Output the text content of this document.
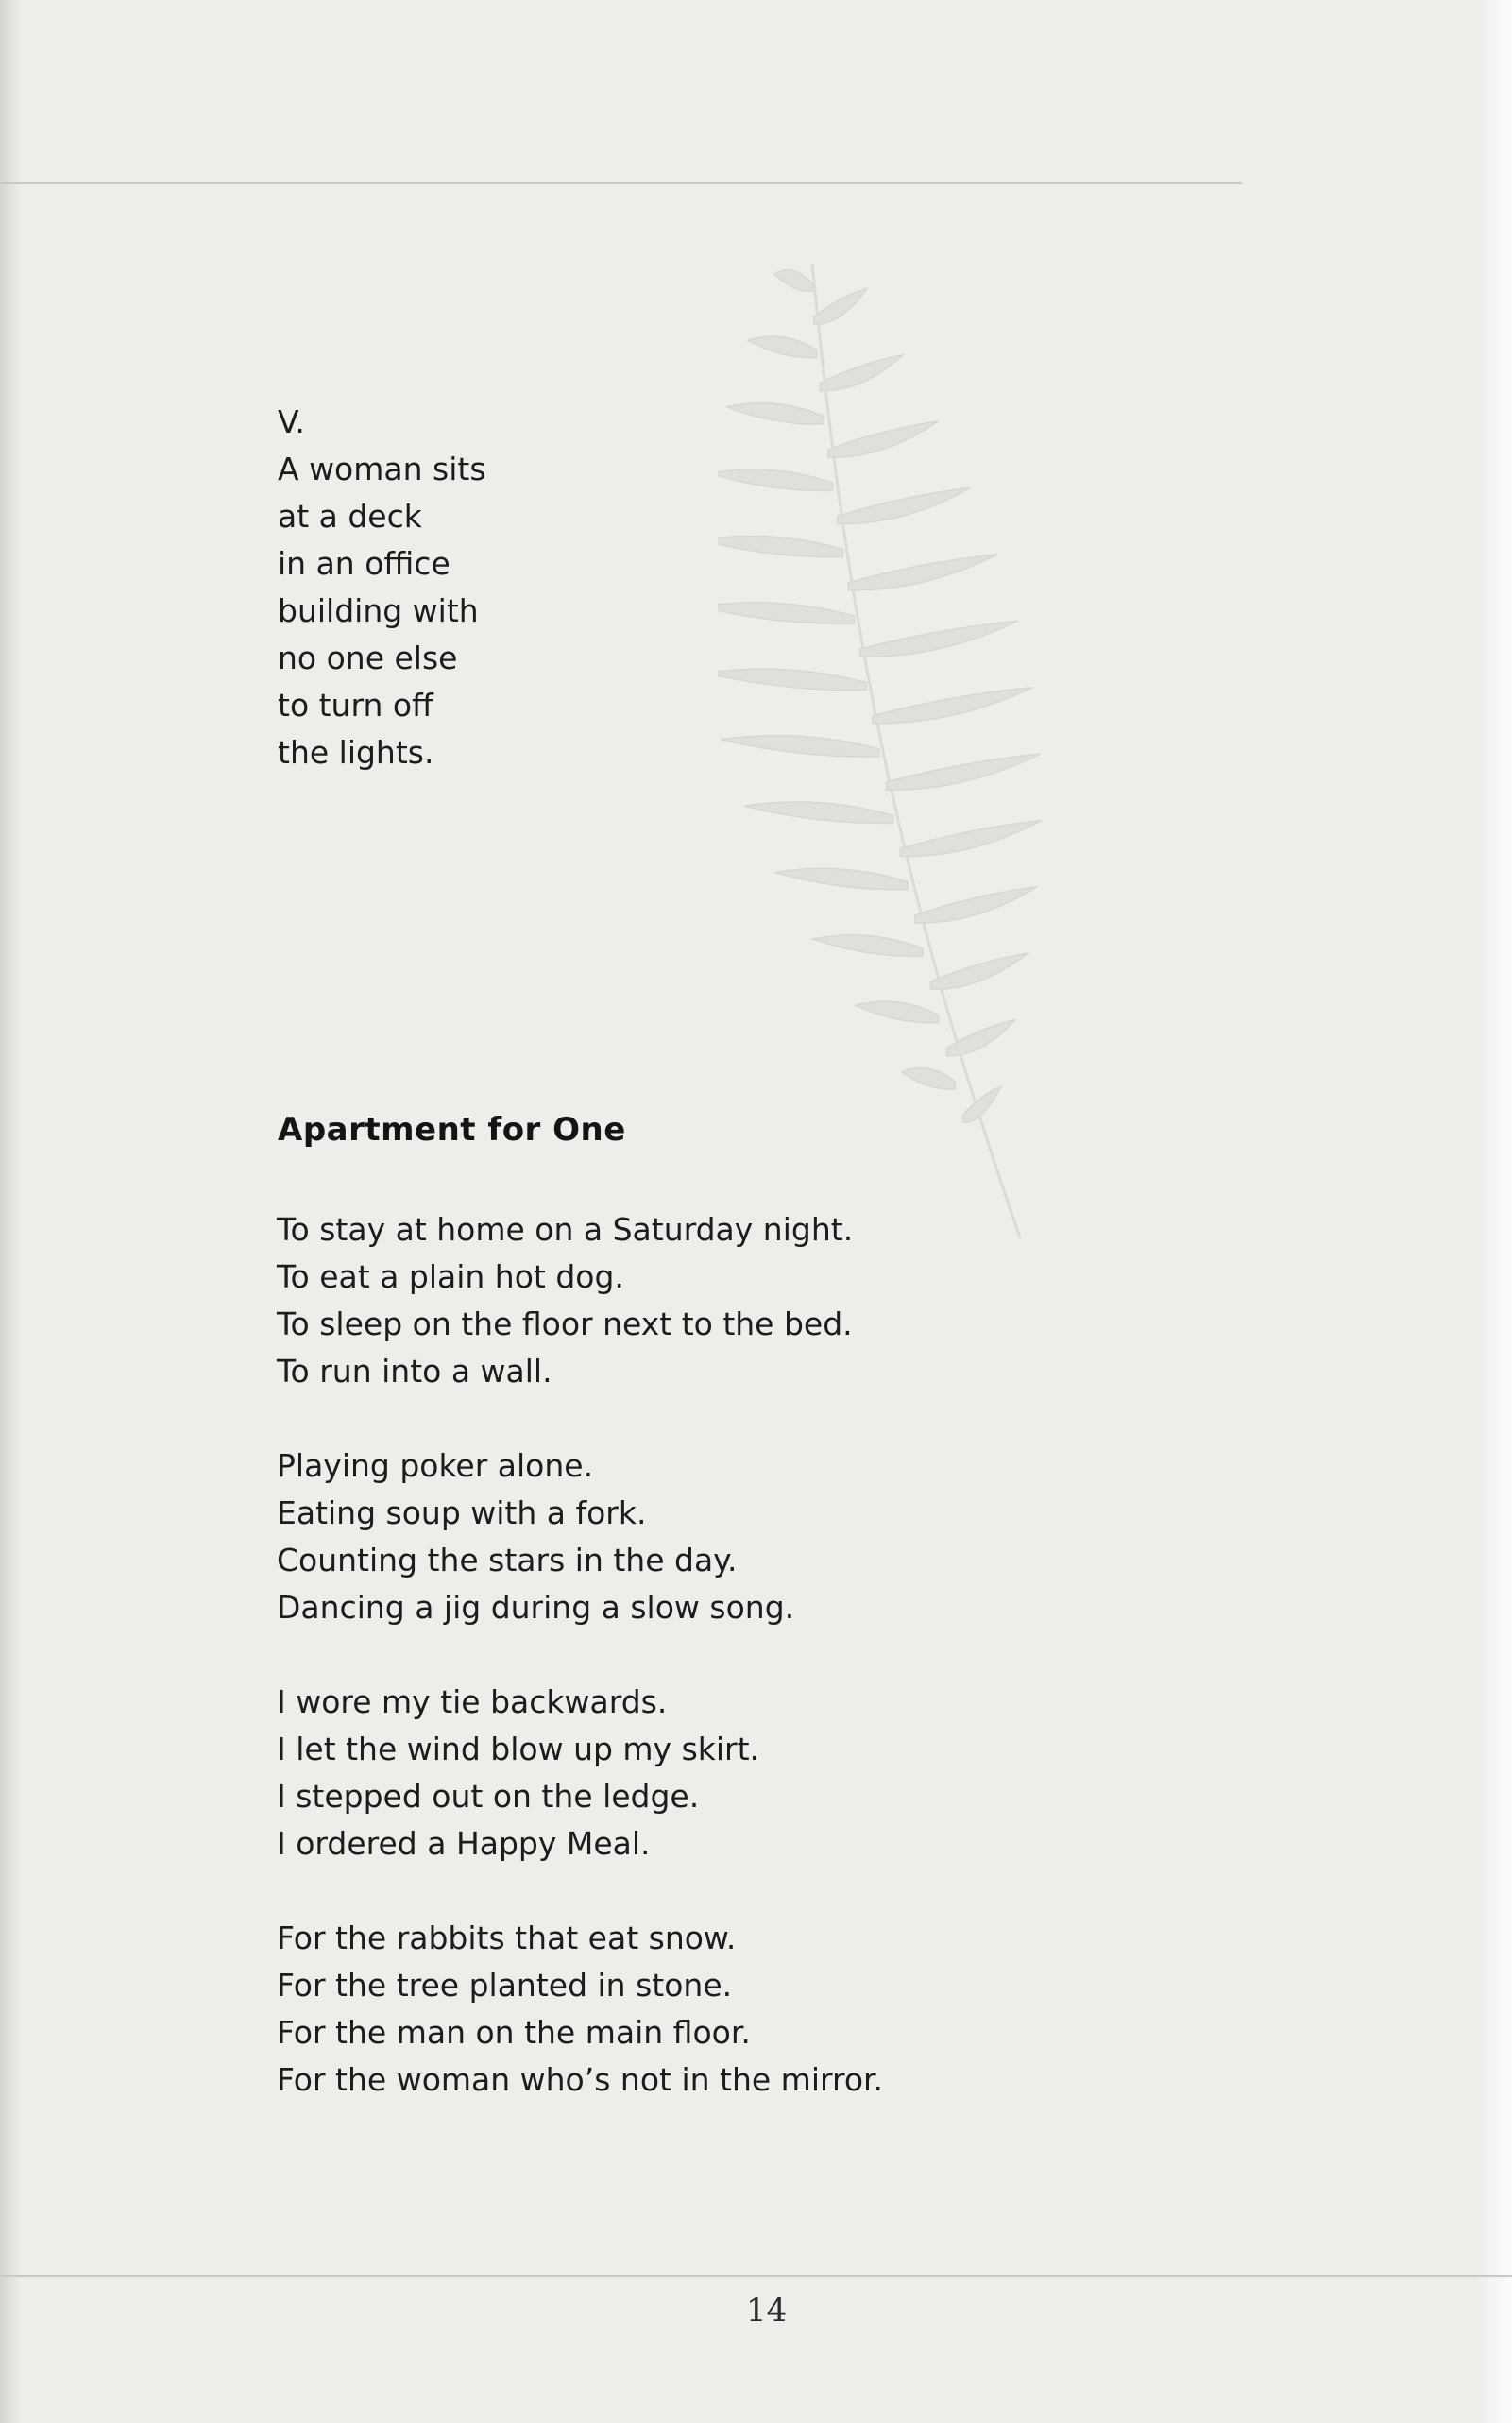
V.
A woman sits
at a deck
in an office
building with
no one else
to turn off
the lights.
Apartment for One
To stay at home on a Saturday night.
To eat a plain hot dog.
To sleep on the floor next to the bed.
To run into a wall.
Playing poker alone.
Eating soup with a fork.
Counting the stars in the day.
Dancing a jig during a slow song.
I wore my tie backwards.
I let the wind blow up my skirt.
I stepped out on the ledge.
I ordered a Happy Meal.
For the rabbits that eat snow.
For the tree planted in stone.
For the man on the main floor.
For the woman who’s not in the mirror.
14
